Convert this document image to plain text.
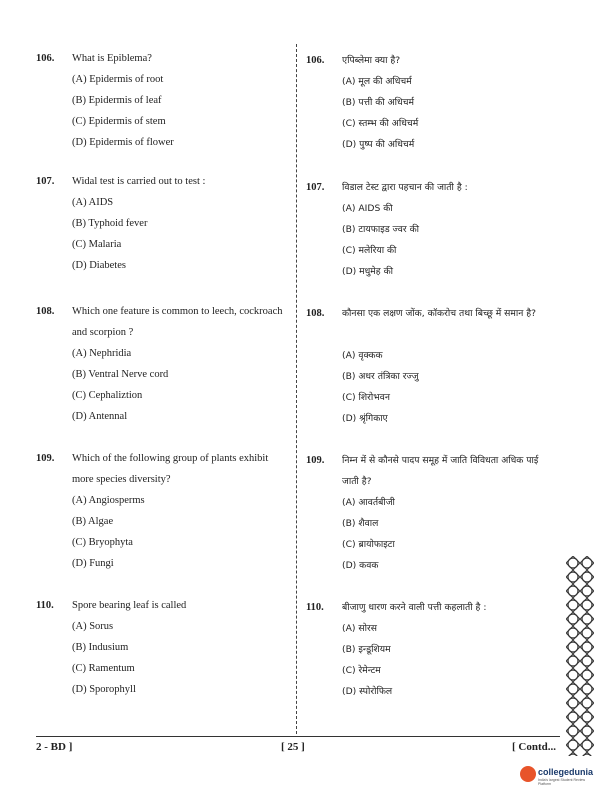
106. What is Epiblema?
(A) Epidermis of root
(B) Epidermis of leaf
(C) Epidermis of stem
(D) Epidermis of flower
107. Widal test is carried out to test :
(A) AIDS
(B) Typhoid fever
(C) Malaria
(D) Diabetes
108. Which one feature is common to leech, cockroach and scorpion ?
(A) Nephridia
(B) Ventral Nerve cord
(C) Cephaliztion
(D) Antennal
109. Which of the following group of plants exhibit more species diversity?
(A) Angiosperms
(B) Algae
(C) Bryophyta
(D) Fungi
110. Spore bearing leaf is called
(A) Sorus
(B) Indusium
(C) Ramentum
(D) Sporophyll
106. एपिब्लेमा क्या है?
(A) मूल की अधिचर्म
(B) पत्ती की अधिचर्म
(C) स्तम्भ की अधिचर्म
(D) पुष्प की अधिचर्म
107. विडाल टेस्ट द्वारा पहचान की जाती है :
(A) AIDS की
(B) टायफाइड ज्वर की
(C) मलेरिया की
(D) मधुमेह की
108. कौनसा एक लक्षण जोंक, कॉकरोच तथा बिच्छू में समान है?
(A) वृक्कक
(B) अधर तंत्रिका रज्जु
(C) शिरोभवन
(D) श्रृंगिकाए
109. निम्न में से कौनसे पादप समूह में जाति विविधता अधिक पाई जाती है?
(A) आवर्तबीजी
(B) शैवाल
(C) ब्रायोफाइटा
(D) कवक
110. बीजाणु धारण करने वाली पत्ती कहलाती है :
(A) सोरस
(B) इन्डूशियम
(C) रेमेन्टम
(D) स्पोरोफिल
2 - BD ]	[ 25 ]	[ Contd...
collegedunia
India's largest Student Review Platform
